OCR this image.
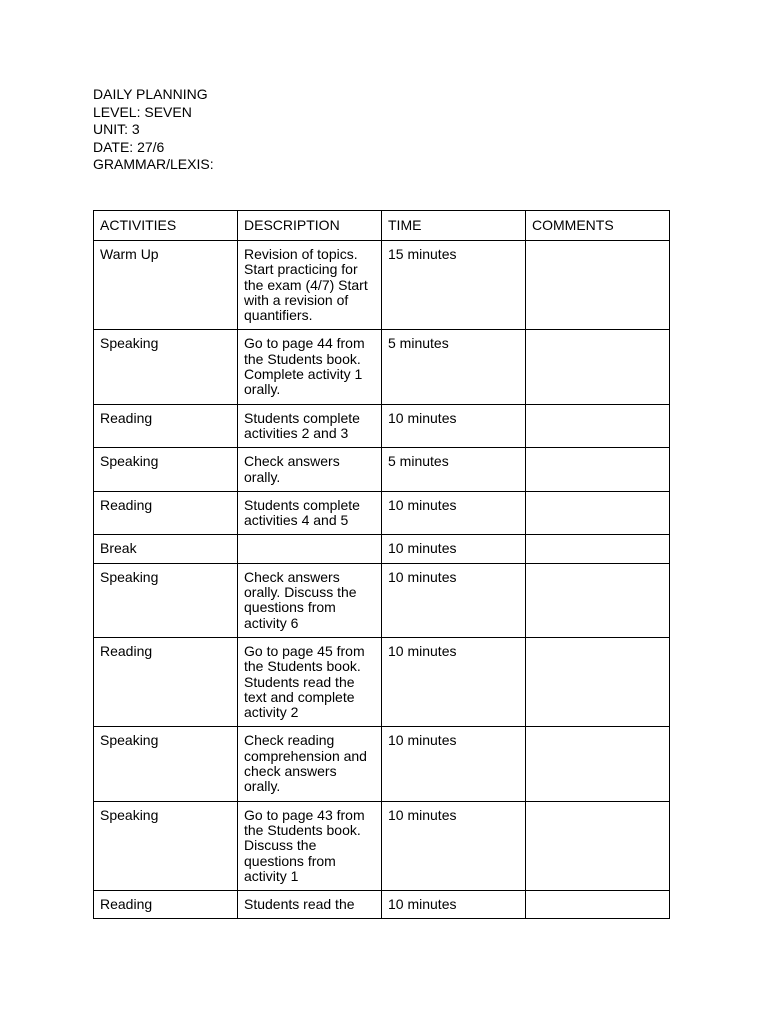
DAILY PLANNING
LEVEL: SEVEN
UNIT: 3
DATE: 27/6
GRAMMAR/LEXIS:
ACTIVITIES	DESCRIPTION	TIME	COMMENTS
Warm Up	Revision of topics. Start practicing for the exam (4/7) Start with a revision of quantifiers.	15 minutes	
Speaking	Go to page 44 from the Students book. Complete activity 1 orally.	5 minutes	
Reading	Students complete activities 2 and 3	10 minutes	
Speaking	Check answers orally.	5 minutes	
Reading	Students complete activities 4 and 5	10 minutes	
Break		10 minutes	
Speaking	Check answers orally. Discuss the questions from activity 6	10 minutes	
Reading	Go to page 45 from the Students book. Students read the text and complete activity 2	10 minutes	
Speaking	Check reading comprehension and check answers orally.	10 minutes	
Speaking	Go to page 43 from the Students book. Discuss the questions from activity 1	10 minutes	
Reading	Students read the	10 minutes	
